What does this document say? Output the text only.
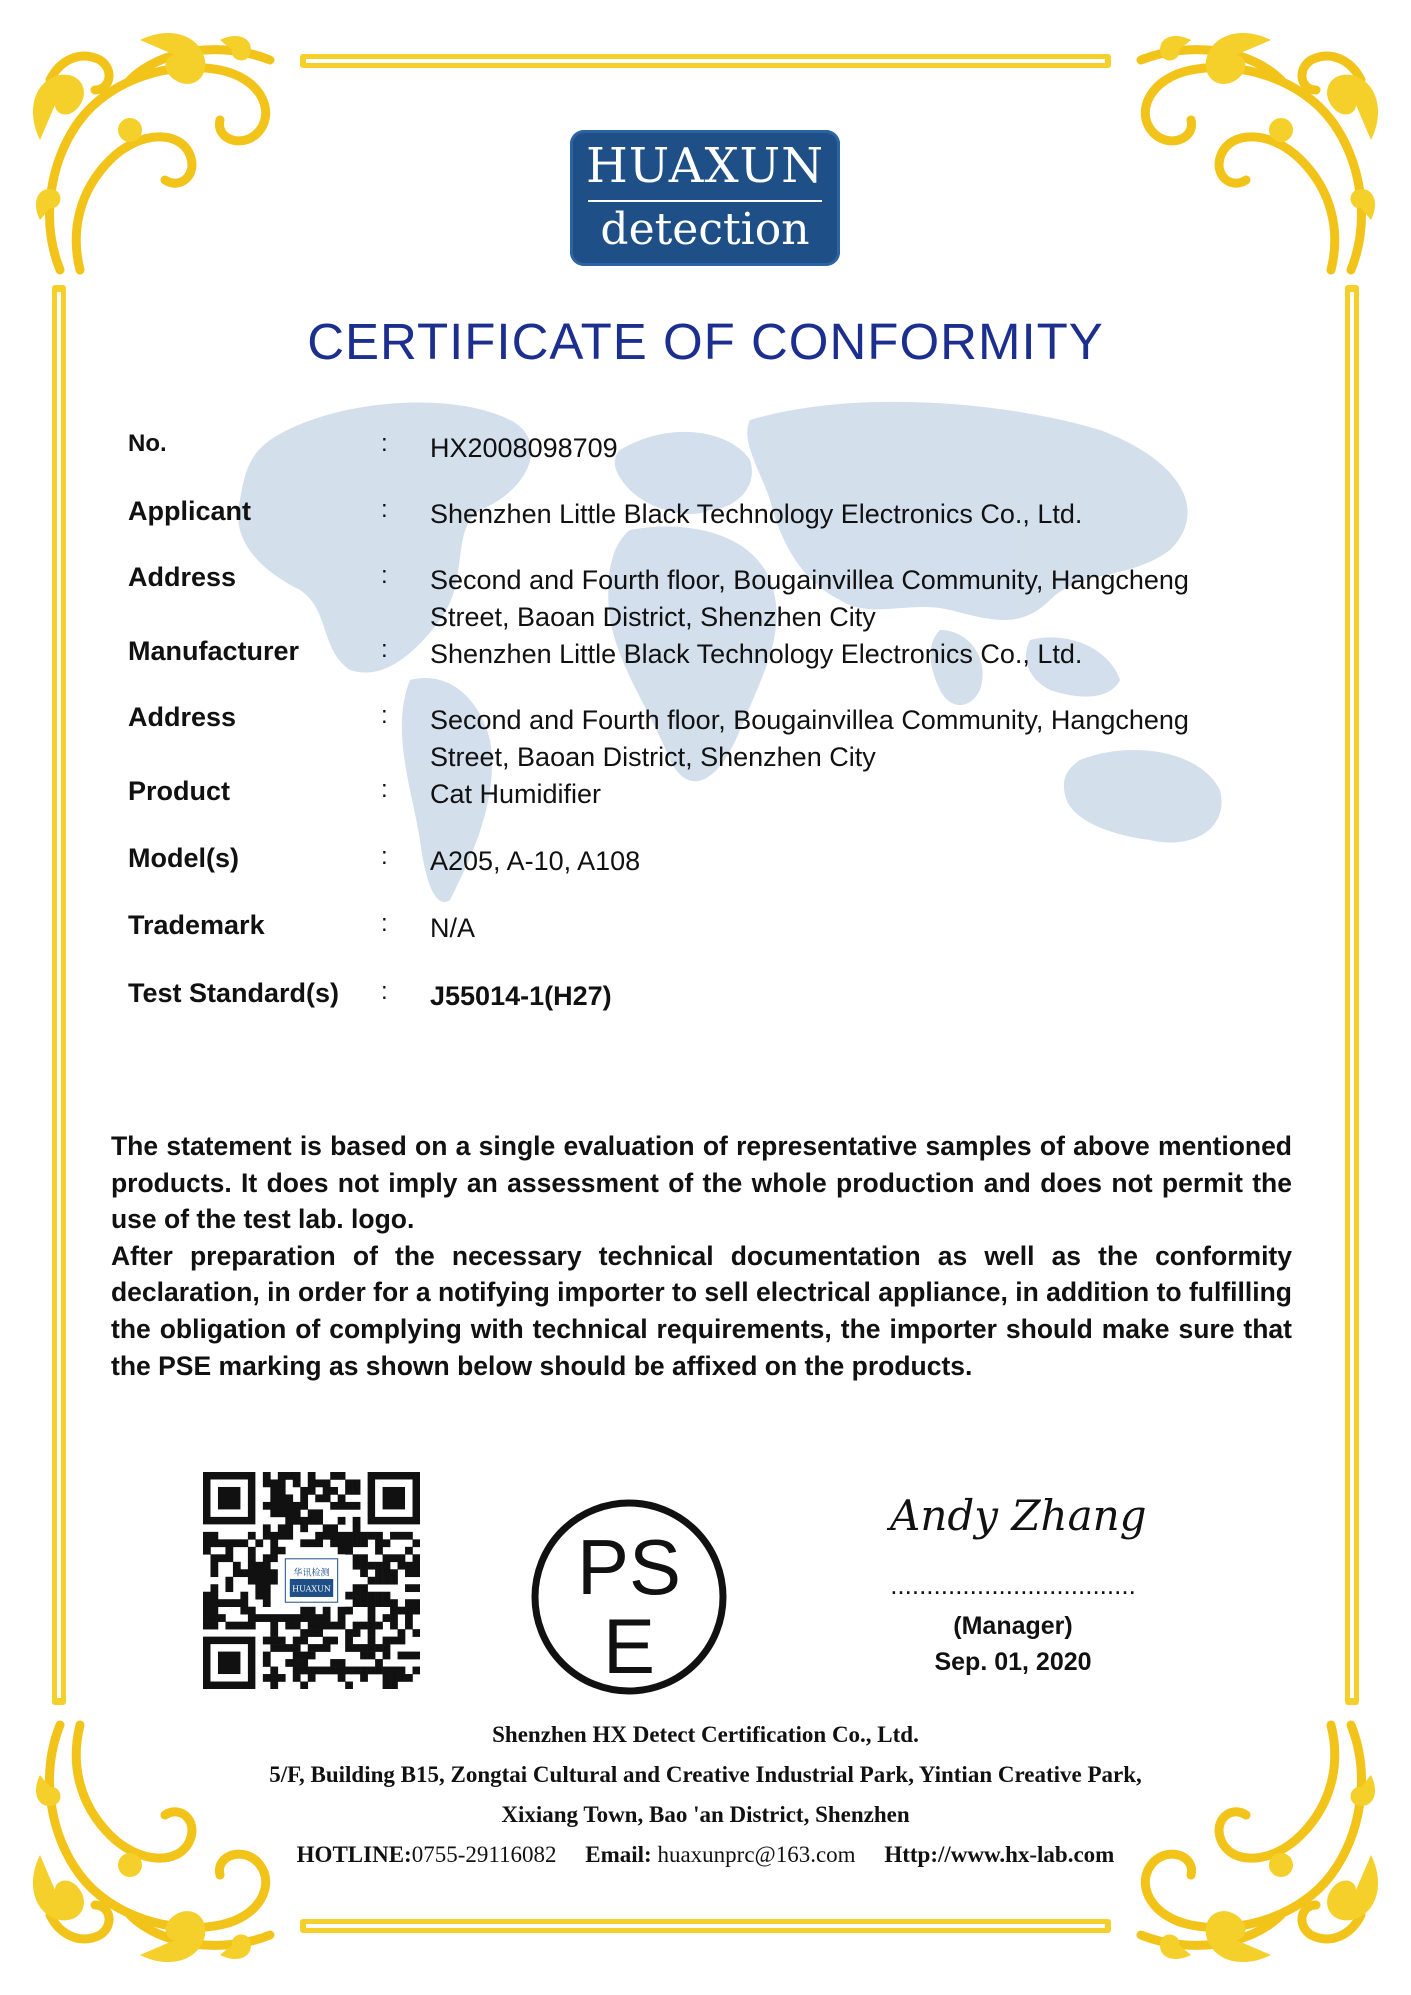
HUAXUN
detection
CERTIFICATE OF CONFORMITY
No.	: HX2008098709
Applicant	: Shenzhen Little Black Technology Electronics Co., Ltd.
Address	: Second and Fourth floor, Bougainvillea Community, Hangcheng Street, Baoan District, Shenzhen City
Manufacturer	: Shenzhen Little Black Technology Electronics Co., Ltd.
Address	: Second and Fourth floor, Bougainvillea Community, Hangcheng Street, Baoan District, Shenzhen City
Product	: Cat Humidifier
Model(s)	: A205, A-10, A108
Trademark	: N/A
Test Standard(s) : J55014-1(H27)

The statement is based on a single evaluation of representative samples of above mentioned products. It does not imply an assessment of the whole production and does not permit the use of the test lab. logo.

After preparation of the necessary technical documentation as well as the conformity declaration, in order for a notifying importer to sell electrical appliance, in addition to fulfilling the obligation of complying with technical requirements, the importer should make sure that the PSE marking as shown below should be affixed on the products.

华讯检测
HUAXUN	PS
E
Andy Zhang
..................................
(Manager)
Sep. 01, 2020
Shenzhen HX Detect Certification Co., Ltd.
5/F, Building B15, Zongtai Cultural and Creative Industrial Park, Yintian Creative Park,
Xixiang Town, Bao 'an District, Shenzhen
HOTLINE:0755-29116082 Email: huaxunprc@163.com Http://www.hx-lab.com
